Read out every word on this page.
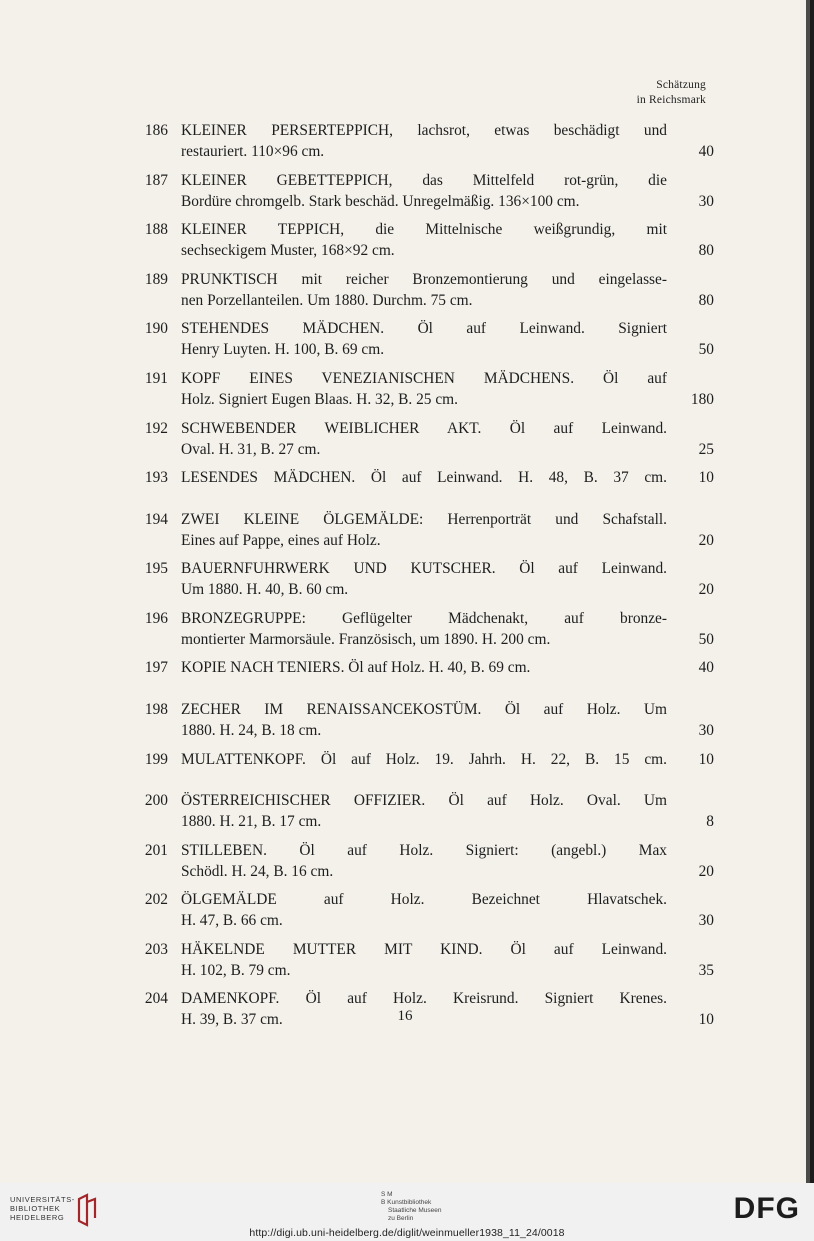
Schätzung
in Reichsmark
186 KLEINER PERSERTEPPICH, lachsrot, etwas beschädigt und
restauriert. 110×96 cm.	40
187 KLEINER GEBETTEPPICH, das Mittelfeld rot-grün, die
Bordüre chromgelb. Stark beschäd. Unregelmäßig. 136×100 cm.	30
188 KLEINER TEPPICH, die Mittelnische weißgrundig, mit
sechseckigem Muster, 168×92 cm.	80
189 PRUNKTISCH mit reicher Bronzemontierung und eingelasse-
nen Porzellanteilen. Um 1880. Durchm. 75 cm.	80
190 STEHENDES MÄDCHEN. Öl auf Leinwand. Signiert
Henry Luyten. H. 100, B. 69 cm.	50
191 KOPF EINES VENEZIANISCHEN MÄDCHENS. Öl auf
Holz. Signiert Eugen Blaas. H. 32, B. 25 cm.	180
192 SCHWEBENDER WEIBLICHER AKT. Öl auf Leinwand.
Oval. H. 31, B. 27 cm.	25
193 LESENDES MÄDCHEN. Öl auf Leinwand. H. 48, B. 37 cm.	10
194 ZWEI KLEINE ÖLGEMÄLDE: Herrenporträt und Schafstall.
Eines auf Pappe, eines auf Holz.	20
195 BAUERNFUHRWERK UND KUTSCHER. Öl auf Leinwand.
Um 1880. H. 40, B. 60 cm.	20
196 BRONZEGRUPPE: Geflügelter Mädchenakt, auf bronze-
montierter Marmorsäule. Französisch, um 1890. H. 200 cm.	50
197 KOPIE NACH TENIERS. Öl auf Holz. H. 40, B. 69 cm.	40
198 ZECHER IM RENAISSANCEKOSTÜM. Öl auf Holz. Um
1880. H. 24, B. 18 cm.	30
199 MULATTENKOPF. Öl auf Holz. 19. Jahrh. H. 22, B. 15 cm.	10
200 ÖSTERREICHISCHER OFFIZIER. Öl auf Holz. Oval. Um
1880. H. 21, B. 17 cm.	8
201 STILLEBEN. Öl auf Holz. Signiert: (angebl.) Max
Schödl. H. 24, B. 16 cm.	20
202 ÖLGEMÄLDE auf Holz. Bezeichnet Hlavatschek.
H. 47, B. 66 cm.	30
203 HÄKELNDE MUTTER MIT KIND. Öl auf Leinwand.
H. 102, B. 79 cm.	35
204 DAMENKOPF. Öl auf Holz. Kreisrund. Signiert Krenes.
H. 39, B. 37 cm.	10
16
UNIVERSITÄTS-
BIBLIOTHEK
HEIDELBERG
S M
B Kunstbibliothek
Staatliche Museen
zu Berlin	DFG
http://digi.ub.uni-heidelberg.de/diglit/weinmueller1938_11_24/0018
